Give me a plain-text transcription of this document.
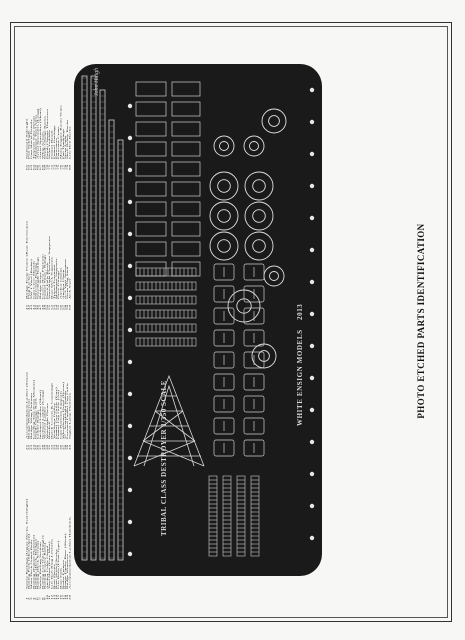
PHOTO ETCHED PARTS IDENTIFICATION
1Safety Railings (Upper Decks, Searchlight)
2Railing Pack (Short Open)
3Main Deck Guard Rails
4Railing (Funnel Platform)
5Railings (Deck, Bridge)
6Railing (Deck Section)
7Safety Railing Section
8Railing Cut-Outs (Single)
9Railing (Carley Rafts)
10Anchor Cable Guard
11Yard Mast (Fore Mast)
12Life Raft Ring Lifebelts
13Boat Davits
14Boat Skids/Chocks
15Life Rafts (Float-Type)
16Boat Falls
17Radar Frames
18Range Finder Base (Short)
19Bridge Windows
20Accommodation Ladder Handrails
21Accommodation Ladder (Steps)
22Bridge Windscreen
23Bridge Wing Platform
24Loading Tray (Gun Mounts)
25Depth Charge Rails
26Ladder Rungs
27Inclined Ladder (Short)
28Inclined Ladder (Long)
29Vertical Ladder
30Watertight Doors
31Hatches
32Hatch Covers & Coamings
33Ventilator Grilles
34Funnel Cap Grille (Fore)
35Funnel Cap Grille (Aft)
36Gun Platform Supports
37Wheelhouse Detail (Doors)
3837 - Searchlight Stands
39Forward Funnel Cap Grille
40Signal Lamp Platform
41Bridge Front Frame (Rear Enclosure)
42Flag Locker
43SW 1 Yard (Radar)
44Gun Crew Shields
45Directors Railing
46Searchlight Railings
47Bridge Steps
48Crow's Nest Platform
49Funnel Steps / Rungs
50Davit Falls Block
51Searchlight Platform Supports
52Boat Deck Supports
53Tripod Foremast
54Mainmast Supports
55Deck Fittings
56Anchor Chains
57Anchor Chain
58A/A Yagi Antennas
59Stern Flag Staff
60Jack Staff
61Starboard Sidelight
62Port Sidelight
63Gun Shield Details
64Torpedo Tube Detail
65Mainmast Yard Arms
66Aerial Spreaders (Long)
67Aerial Spreaders (Short)
68Whip Aerials
69Depth Charge Racks
70Depth Charge Throwers
71Stern Ladders
72Funnel Bands
73Funnel Gratings
74Paravanes
75Paravane Crane
76Main Engine Room Vents
77Fan Trunkings
78Stern Light
79Shell Ready Racks
80Life Belt Racks
TRIBAL CLASS DESTROYER 1/350 SCALE
WHITE ENSIGN MODELS    2013
John Haigh
